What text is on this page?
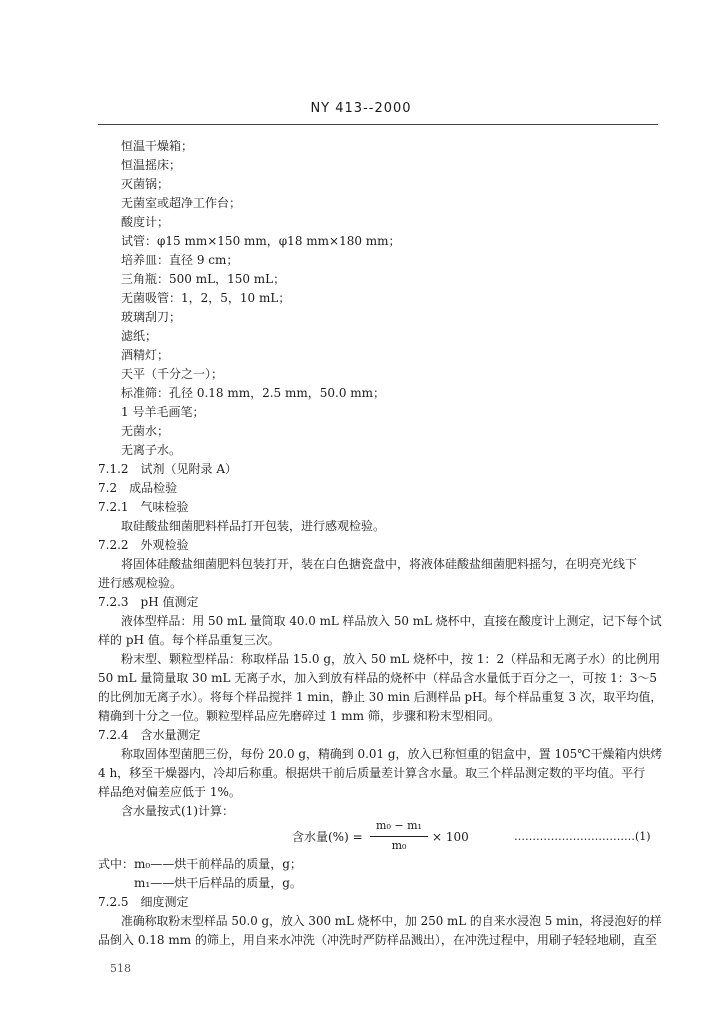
NY 413--2000
恒温干燥箱；
恒温摇床；
灭菌锅；
无菌室或超净工作台；
酸度计；
试管：φ15 mm×150 mm，φ18 mm×180 mm；
培养皿：直径 9 cm；
三角瓶：500 mL，150 mL；
无菌吸管：1，2，5，10 mL；
玻璃刮刀；
滤纸；
酒精灯；
天平（千分之一）；
标准筛：孔径 0.18 mm，2.5 mm，50.0 mm；
1 号羊毛画笔；
无菌水；
无离子水。
7.1.2 试剂（见附录 A）
7.2 成品检验
7.2.1 气味检验
取硅酸盐细菌肥料样品打开包装，进行感观检验。
7.2.2 外观检验
将固体硅酸盐细菌肥料包装打开，装在白色搪瓷盘中，将液体硅酸盐细菌肥料摇匀，在明亮光线下
进行感观检验。
7.2.3 pH 值测定
液体型样品：用 50 mL 量筒取 40.0 mL 样品放入 50 mL 烧杯中，直接在酸度计上测定，记下每个试
样的 pH 值。每个样品重复三次。
粉末型、颗粒型样品：称取样品 15.0 g，放入 50 mL 烧杯中，按 1：2（样品和无离子水）的比例用
50 mL 量筒量取 30 mL 无离子水，加入到放有样品的烧杯中（样品含水量低于百分之一，可按 1：3～5
的比例加无离子水）。将每个样品搅拌 1 min，静止 30 min 后测样品 pH。每个样品重复 3 次，取平均值，
精确到十分之一位。颗粒型样品应先磨碎过 1 mm 筛，步骤和粉末型相同。
7.2.4 含水量测定
称取固体型菌肥三份，每份 20.0 g，精确到 0.01 g，放入已称恒重的铝盒中，置 105℃干燥箱内烘烤
4 h，移至干燥器内，冷却后称重。根据烘干前后质量差计算含水量。取三个样品测定数的平均值。平行
样品绝对偏差应低于 1%。
含水量按式(1)计算：
含水量(%) =
m₀ − m₁
m₀
× 100	……………………………(1)
式中：m₀——烘干前样品的质量，g；
m₁——烘干后样品的质量，g。
7.2.5 细度测定
准确称取粉末型样品 50.0 g，放入 300 mL 烧杯中，加 250 mL 的自来水浸泡 5 min，将浸泡好的样
品倒入 0.18 mm 的筛上，用自来水冲洗（冲洗时严防样品溅出），在冲洗过程中，用刷子轻轻地刷，直至
518
